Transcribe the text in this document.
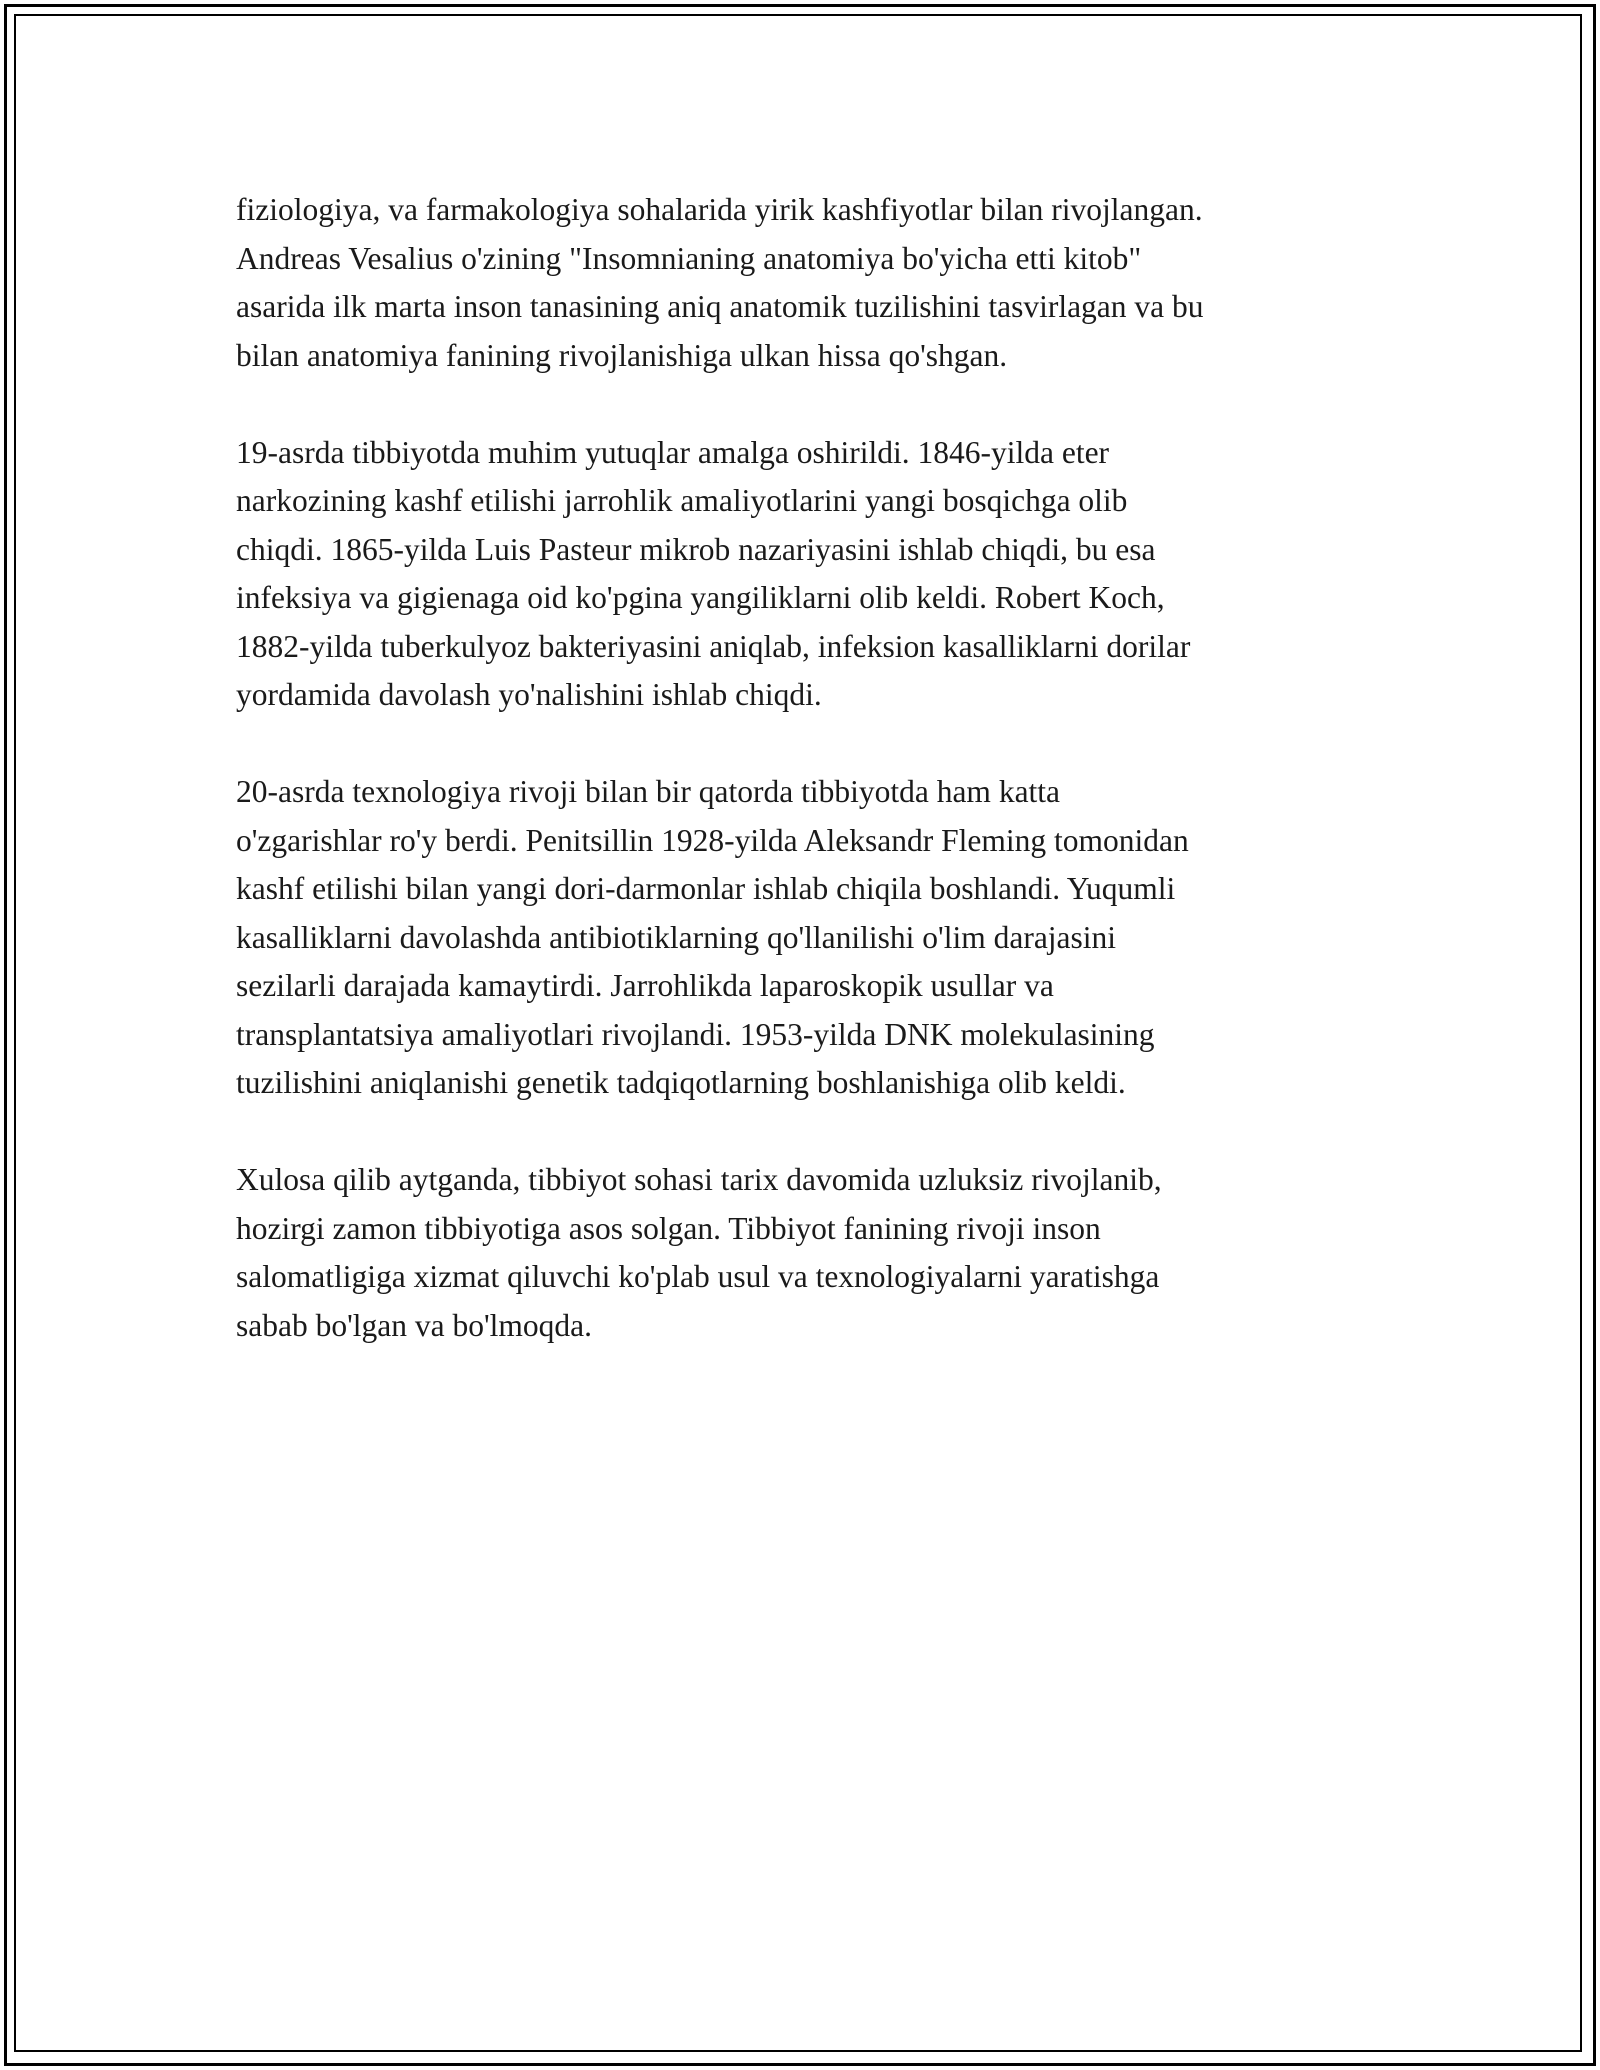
fiziologiya, va farmakologiya sohalarida yirik kashfiyotlar bilan rivojlangan.
Andreas Vesalius o'zining "Insomnianing anatomiya bo'yicha etti kitob"
asarida ilk marta inson tanasining aniq anatomik tuzilishini tasvirlagan va bu
bilan anatomiya fanining rivojlanishiga ulkan hissa qo'shgan.

19-asrda tibbiyotda muhim yutuqlar amalga oshirildi. 1846-yilda eter
narkozining kashf etilishi jarrohlik amaliyotlarini yangi bosqichga olib
chiqdi. 1865-yilda Luis Pasteur mikrob nazariyasini ishlab chiqdi, bu esa
infeksiya va gigienaga oid ko'pgina yangiliklarni olib keldi. Robert Koch,
1882-yilda tuberkulyoz bakteriyasini aniqlab, infeksion kasalliklarni dorilar
yordamida davolash yo'nalishini ishlab chiqdi.

20-asrda texnologiya rivoji bilan bir qatorda tibbiyotda ham katta
o'zgarishlar ro'y berdi. Penitsillin 1928-yilda Aleksandr Fleming tomonidan
kashf etilishi bilan yangi dori-darmonlar ishlab chiqila boshlandi. Yuqumli
kasalliklarni davolashda antibiotiklarning qo'llanilishi o'lim darajasini
sezilarli darajada kamaytirdi. Jarrohlikda laparoskopik usullar va
transplantatsiya amaliyotlari rivojlandi. 1953-yilda DNK molekulasining
tuzilishini aniqlanishi genetik tadqiqotlarning boshlanishiga olib keldi.

Xulosa qilib aytganda, tibbiyot sohasi tarix davomida uzluksiz rivojlanib,
hozirgi zamon tibbiyotiga asos solgan. Tibbiyot fanining rivoji inson
salomatligiga xizmat qiluvchi ko'plab usul va texnologiyalarni yaratishga
sabab bo'lgan va bo'lmoqda.
